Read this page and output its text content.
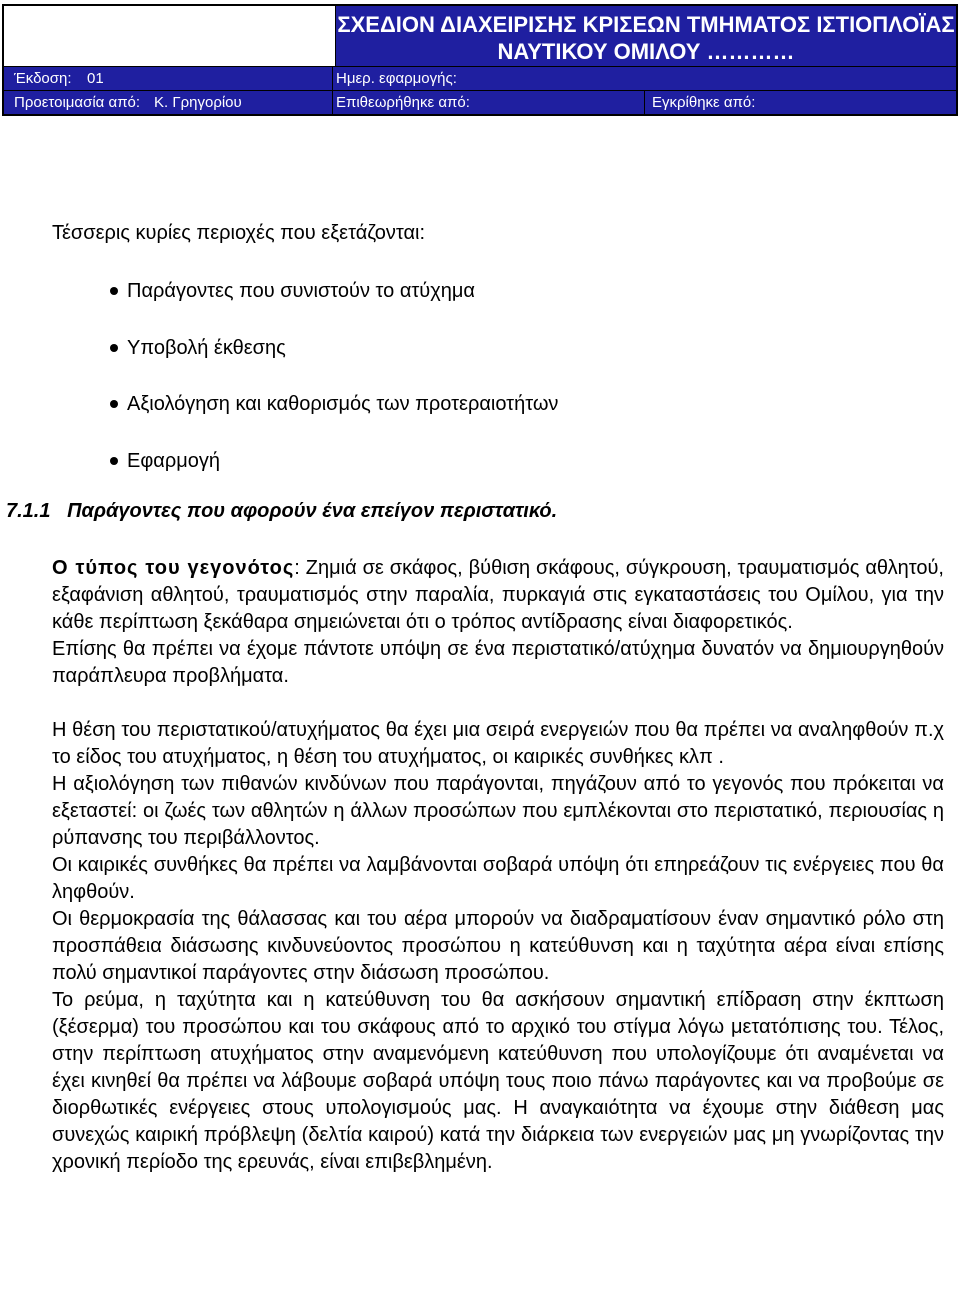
ΣΧΕΔΙΟΝ ΔΙΑΧΕΙΡΙΣΗΣ ΚΡΙΣΕΩΝ ΤΜΗΜΑΤΟΣ ΙΣΤΙΟΠΛΟΪΑΣ ΝΑΥΤΙΚΟΥ ΟΜΙΛΟΥ …………
Έκδοση: 01	Ημερ. εφαρμογής:
Προετοιμασία από: Κ. Γρηγορίου	Επιθεωρήθηκε από:	Εγκρίθηκε από:
Τέσσερις κυρίες περιοχές που εξετάζονται:
Παράγοντες που συνιστούν το ατύχημα
Υποβολή έκθεσης
Αξιολόγηση και καθορισμός των προτεραιοτήτων
Εφαρμογή
7.1.1 Παράγοντες που αφορούν ένα επείγον περιστατικό.

Ο τύπος του γεγονότος: Ζημιά σε σκάφος, βύθιση σκάφους, σύγκρουση, τραυματισμός αθλητού, εξαφάνιση αθλητού, τραυματισμός στην παραλία, πυρκαγιά στις εγκαταστάσεις του Ομίλου, για την κάθε περίπτωση ξεκάθαρα σημειώνεται ότι ο τρόπος αντίδρασης είναι διαφορετικός.

Επίσης θα πρέπει να έχομε πάντοτε υπόψη σε ένα περιστατικό/ατύχημα δυνατόν να δημιουργηθούν παράπλευρα προβλήματα.

Η θέση του περιστατικού/ατυχήματος θα έχει μια σειρά ενεργειών που θα πρέπει να αναληφθούν π.χ το είδος του ατυχήματος, η θέση του ατυχήματος, οι καιρικές συνθήκες κλπ .

Η αξιολόγηση των πιθανών κινδύνων που παράγονται, πηγάζουν από το γεγονός που πρόκειται να εξεταστεί: οι ζωές των αθλητών η άλλων προσώπων που εμπλέκονται στο περιστατικό, περιουσίας η ρύπανσης του περιβάλλοντος.

Οι καιρικές συνθήκες θα πρέπει να λαμβάνονται σοβαρά υπόψη ότι επηρεάζουν τις ενέργειες που θα ληφθούν.

Οι θερμοκρασία της θάλασσας και του αέρα μπορούν να διαδραματίσουν έναν σημαντικό ρόλο στη προσπάθεια διάσωσης κινδυνεύοντος προσώπου η κατεύθυνση και η ταχύτητα αέρα είναι επίσης πολύ σημαντικοί παράγοντες στην διάσωση προσώπου.

Το ρεύμα, η ταχύτητα και η κατεύθυνση του θα ασκήσουν σημαντική επίδραση στην έκπτωση (ξέσερμα) του προσώπου και του σκάφους από το αρχικό του στίγμα λόγω μετατόπισης του. Τέλος, στην περίπτωση ατυχήματος στην αναμενόμενη κατεύθυνση που υπολογίζουμε ότι αναμένεται να έχει κινηθεί θα πρέπει να λάβουμε σοβαρά υπόψη τους ποιο πάνω παράγοντες και να προβούμε σε διορθωτικές ενέργειες στους υπολογισμούς μας. Η αναγκαιότητα να έχουμε στην διάθεση μας συνεχώς καιρική πρόβλεψη (δελτία καιρού) κατά την διάρκεια των ενεργειών μας μη γνωρίζοντας την χρονική περίοδο της ερευνάς, είναι επιβεβλημένη.
